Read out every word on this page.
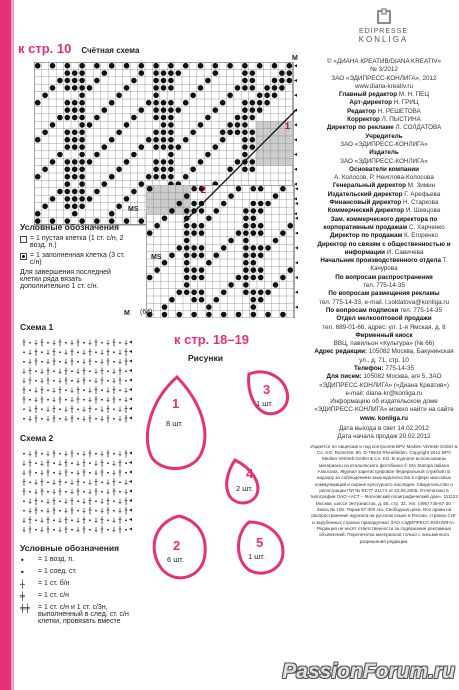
к стр. 10 Счётная схема
M
1
2
MS
MS
Условные обозначения
= 1 пустая клетка (1 ст. с/н, 2 возд. п.)
= 1 заполненная клетка (3 ст. с/н)
Для завершения последней клетки ряда вязать дополнительно 1 ст. с/н.
Схема 1
M (64)
Схема 2
Условные обозначения
•	= 1 возд. п.
•	= 1 соед. ст.
┼	= 1 ст. б/н
╪	= 1 ст. с/н
╪╪	= 1 ст. с/н и 1 ст. с/3н, выполненный в след. ст. с/н клетки, провязать вместе
к стр. 18–19
Рисунки
1
8 шт.
3
1 шт.
4
2 шт.
2
6 шт.
5
1 шт.
EDIPRESSE
KONLIGA
© «ДИАНА КРЕАТИВ/DIANA KREATIV»
№ 3/2012
ЗАО «ЭДИПРЕСС-КОНЛИГА», 2012
www.diana-kreativ.ru
Главный редактор М. Н. ПЕЦ
Арт-директор Н. ГРИЦ
Редактор Н. РЕШЕТОВА
Корректор Л. ПЫСТИНА
Директор по рекламе Л. СОЛДАТОВА
Учредитель
ЗАО «ЭДИПРЕСС-КОНЛИГА»
Издатель
ЗАО «ЭДИПРЕСС-КОНЛИГА»
Основатели компании
А. Колосов, Р. Неиглова-Колосова
Генеральный директор М. Зимин
Издательский директор Г. Арефьева
Финансовый директор Н. Старкова
Коммерческий директор И. Шевцова
Зам. коммерческого директора по корпоративным продажам С. Харченко
Директор по продажам К. Егоренко
Директор по связям с общественностью и информации И. Савичева
Начальник производственного отдела Т. Качурова
По вопросам распространения
тел. 775-14-35
По вопросам размещения рекламы
тел. 775-14-33, e-mail. l.soldatova@konliga.ru
По вопросам подписки тел. 775-14-35
Отдел мелкооптовой продажи
тел. 689-01-66, адрес: ул. 1-я Ямская, д. 8
Фирменный киоск
ВВЦ, павильон «Культура» (№ 66)
Адрес редакции: 105082 Москва, Бакунинская ул., д. 71, стр. 10
Телефон: 775-14-35
Для писем: 105082 Москва, а/я 5, ЗАО «ЭДИПРЕСС-КОНЛИГА» («Диана Креатив»)
e-mail: diana-kr@konliga.ru
Информацию об издательском доме «ЭДИПРЕСС-КОНЛИГА» можно найти на сайте
www. konliga.ru
Дата выхода в свет 14.02.2012
Дата начала продаж 20.02.2012
Издаётся по лицензии и под контролем BPV Medien Vertrieb GmbH & Co. KG. Romerstr. 90, D-79618 Rheinfelden. Copyright 2012 BPV Medien Vertrieb GmbH & Co. KG. В журнале использованы материалы из итальянского фотобанка © SIA Stampa Italiana Associata. Журнал зарегистрирован Федеральной службой по надзору за соблюдением законодательства в сфере массовых коммуникаций и охране культурного наследия. Свидетельство о регистрации ПИ № ФС77-21174 от 22.06.2005. Отпечатано в типографии ОАО «АСТ – Московский полиграфический дом». 111123 Москва, шоссе Энтузиастов, д. 56, стр. 32, тел. (495) 748-67-30. Заказ № 105. Тираж 57 000 экз. Свободная цена. Все права на распространение журнала на русском языке в России, странах СНГ и зарубежных странах принадлежат ЗАО «ЭДИПРЕСС-КОНЛИГА». Редакция не несёт ответственности за содержание рекламных объявлений. Перепечатка материалов только с письменного разрешения редакции.
PassionForum.ru
